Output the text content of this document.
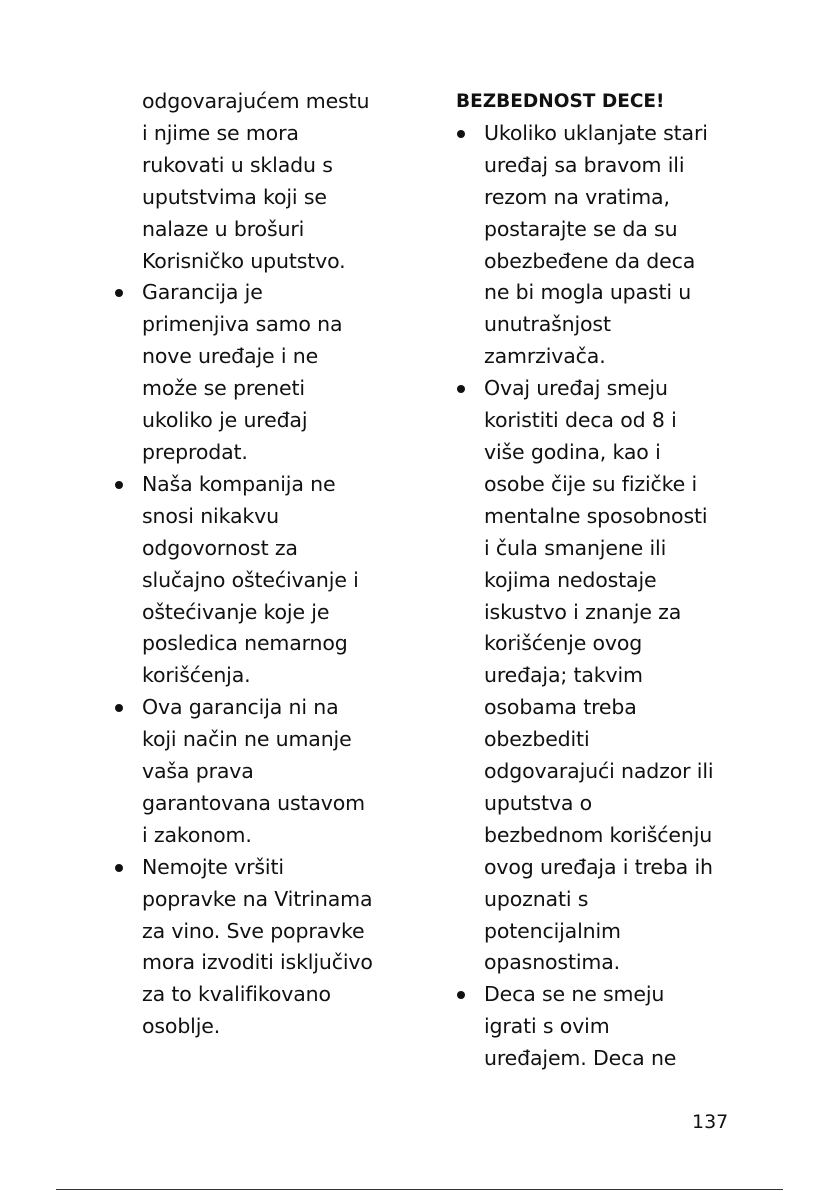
odgovarajućem mestu
i njime se mora
rukovati u skladu s
uputstvima koji se
nalaze u brošuri
Korisničko uputstvo.
Garancija je
primenjiva samo na
nove uređaje i ne
može se preneti
ukoliko je uređaj
preprodat.
Naša kompanija ne
snosi nikakvu
odgovornost za
slučajno oštećivanje i
oštećivanje koje je
posledica nemarnog
korišćenja.
Ova garancija ni na
koji način ne umanje
vaša prava
garantovana ustavom
i zakonom.
Nemojte vršiti
popravke na Vitrinama
za vino. Sve popravke
mora izvoditi isključivo
za to kvalifikovano
osoblje.
BEZBEDNOST DECE!
Ukoliko uklanjate stari
uređaj sa bravom ili
rezom na vratima,
postarajte se da su
obezbeđene da deca
ne bi mogla upasti u
unutrašnjost
zamrzivača.
Ovaj uređaj smeju
koristiti deca od 8 i
više godina, kao i
osobe čije su fizičke i
mentalne sposobnosti
i čula smanjene ili
kojima nedostaje
iskustvo i znanje za
korišćenje ovog
uređaja; takvim
osobama treba
obezbediti
odgovarajući nadzor ili
uputstva o
bezbednom korišćenju
ovog uređaja i treba ih
upoznati s
potencijalnim
opasnostima.
Deca se ne smeju
igrati s ovim
uređajem. Deca ne
137
